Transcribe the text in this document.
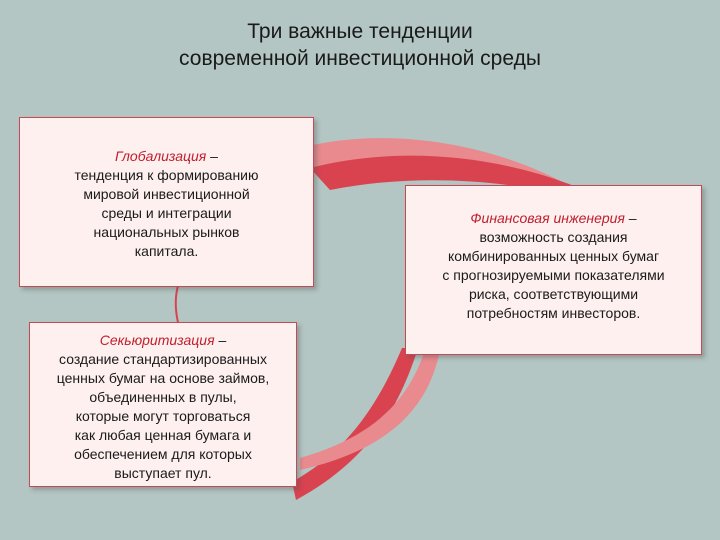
Три важные тенденции
современной инвестиционной среды
Глобализация –
тенденция к формированию
мировой инвестиционной
среды и интеграции
национальных рынков
капитала.
Финансовая инженерия –
возможность создания
комбинированных ценных бумаг
с прогнозируемыми показателями
риска, соответствующими
потребностям инвесторов.
Секьюритизация –
создание стандартизированных
ценных бумаг на основе займов,
объединенных в пулы,
которые могут торговаться
как любая ценная бумага и
обеспечением для которых
выступает пул.
